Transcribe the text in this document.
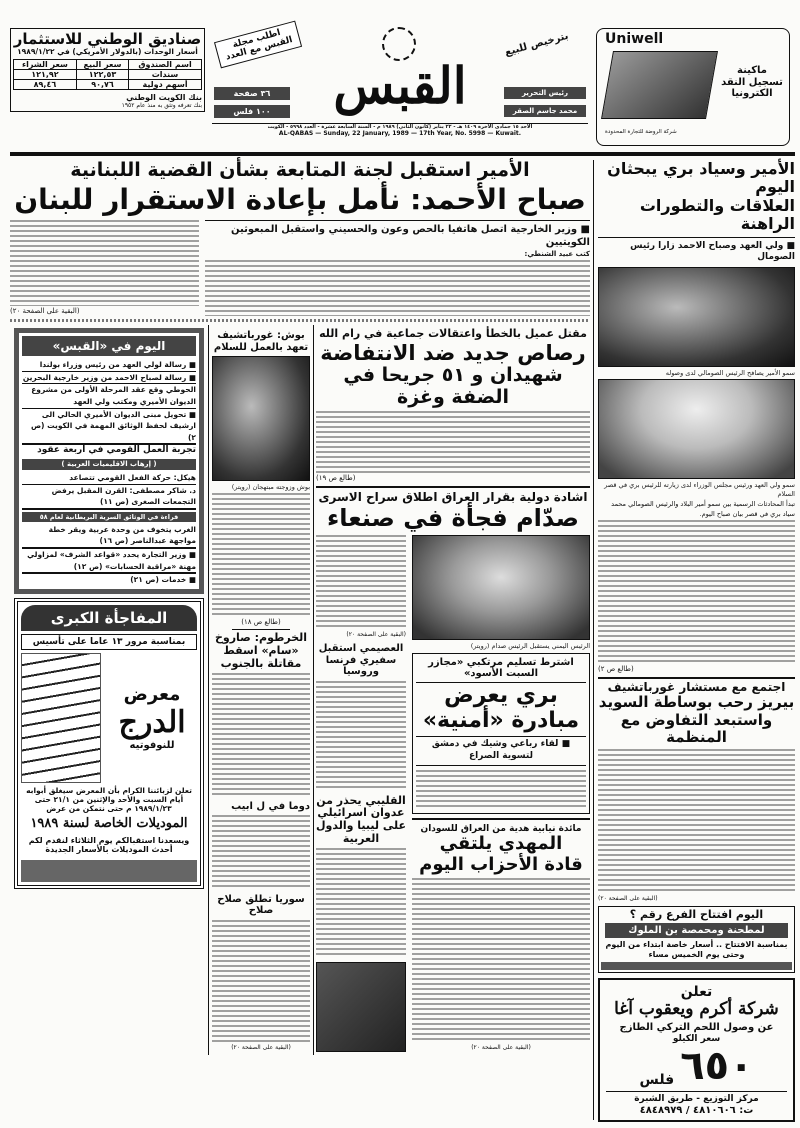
صناديق الوطني للاستثمار
أسعار الوحدات (بالدولار الأمريكي) في ١٩٨٩/١/٢٢
اسم الصندوق	سعر البيع	سعر الشراء
سندات	١٢٢,٥٣	١٢١,٩٢
أسهم دولية	٩٠,٧٦	٨٩,٤٦
بنك الكويت الوطني
بنك تعرفه وتثق به منذ عام ١٩٥٢	القبس
اطلب مجلة القبس مع العدد	بترخيص للبيع
٣٦ صفحة
١٠٠ فلس
رئيس التحرير
محمد جاسم الصقر
الأحد ١٥ جمادى الآخرة ١٤٠٩ هـ - ٢٢ يناير (كانون الثاني) ١٩٨٩ م - السنة السابعة عشرة - العدد ٥٩٩٨ - الكويت
AL-QABAS — Sunday, 22 January, 1989 — 17th Year, No. 5998 — Kuwait.
Uniwell
ماكينة تسجيل النقد الكترونيا
شركة الروضة للتجارة المحدودة
الأمير استقبل لجنة المتابعة بشأن القضية اللبنانية
صباح الأحمد: نأمل بإعادة الاستقرار للبنان
■ وزير الخارجية اتصل هاتفيا بالحص وعون والحسيني واستقبل المبعوثين الكويتيين
كتب عبيد الشنطي:
(البقية على الصفحة ٢٠)
الأمير وسياد بري يبحثان اليوم
العلاقات والتطورات الراهنة
■ ولي العهد وصباح الاحمد زارا رئيس الصومال
سمو الأمير يصافح الرئيس الصومالي لدى وصوله
سمو ولي العهد ورئيس مجلس الوزراء لدى زيارته للرئيس بري في قصر السلام
تبدأ المحادثات الرسمية بين سمو أمير البلاد والرئيس الصومالي محمد سياد بري في قصر بيان صباح اليوم.
(طالع ص ٢)
اجتمع مع مستشار غورباتشيف
بيريز رحب بوساطة السويد
واستبعد التفاوض مع المنظمة
(البقية على الصفحة ٢٠)
اليوم افتتاح الفرع رقم ؟
لمطحنة ومحمصة بن الملوك
بمناسبة الافتتاح .. أسعار خاصة ابتداء من اليوم وحتى يوم الخميس مساء
تعلن
شركة أكرم ويعقوب آغا
عن وصول اللحم التركي الطازج
سعر الكيلو
٦٥٠
فلس
مركز التوزيع - طريق الشبرة
ت: ٤٨١٠٦٠٦ / ٤٨٤٨٩٧٩
اليوم في «القبس»
■ رسالة لولي العهد من رئيس وزراء بولندا
■ رسالة لصباح الاحمد من وزير خارجية البحرين
الحوطي وقع عقد المرحلة الأولى من مشروع الديوان الأميري ومكتب ولي العهد
■ تحويل مبنى الديوان الأميري الحالي الى ارشيف لحفظ الوثائق المهمة في الكويت (ص ٢)
تجربة العمل القومي في أربعة عقود
( إرهاب الاقليميات العربية )
هيكل: حركة الفعل القومي تتصاعد
د. شاكر مصطفى: القرن المقبل يرفض التجمعات الصغرى (ص ١١)
قراءة في الوثائق السرية البريطانية لعام ٥٨
الغرب يتخوف من وحدة عربية ويقر خطة مواجهة عبدالناصر (ص ١٦)
■ وزير التجارة يحدد «قواعد الشرف» لمزاولي مهنة «مراقبة الحسابات» (ص ١٢)
■ خدمات (ص ٢١)
المفاجأة الكبرى
بمناسبة مرور ١٣ عاما على تأسيس
معرض
الدرج
للنوفوتيه
تعلن لزبائننا الكرام بأن المعرض سيغلق أبوابه أيام السبت والأحد والإثنين من ٢١/١ حتى ١٩٨٩/١/٢٣ م حتى نتمكن من عرض
الموديلات الخاصة لسنة ١٩٨٩
ويسعدنا استقبالكم يوم الثلاثاء لنقدم لكم أحدث الموديلات بالأسعار الجديدة
بوش: غورباتشيف تعهد بالعمل للسلام
بوش وزوجته مبتهجان (رويتر)
(طالع ص ١٨)
الخرطوم: صاروخ «سام» اسقط مقاتلة بالجنوب
دوما في ل ابيب
سوريا تطلق صلاح صلاح
(البقية على الصفحة ٢٠)
مقتل عميل بالخطأ واعتقالات جماعية في رام الله
رصاص جديد ضد الانتفاضة
شهيدان و ٥١ جريحا في الضفة وغزة
(طالع ص ١٩)
اشادة دولية بقرار العراق اطلاق سراح الاسرى
صدّام فجأة في صنعاء
الرئيس اليمني يستقبل الرئيس صدام (رويتر)
اشترط تسليم مرتكبي «مجازر السبت الأسود»
بري يعرض
مبادرة «أمنية»
■ لقاء رباعي وشيك في دمشق لتسوية الصراع
مائدة نيابية هدية من العراق للسودان
المهدي يلتقي
قادة الأحزاب اليوم
(البقية على الصفحة ٢٠)
(البقية على الصفحة ٢٠)
العصيمي استقبل سفيري فرنسا وروسيا
القليبي يحذر من عدوان اسرائيلي على ليبيا والدول العربية
